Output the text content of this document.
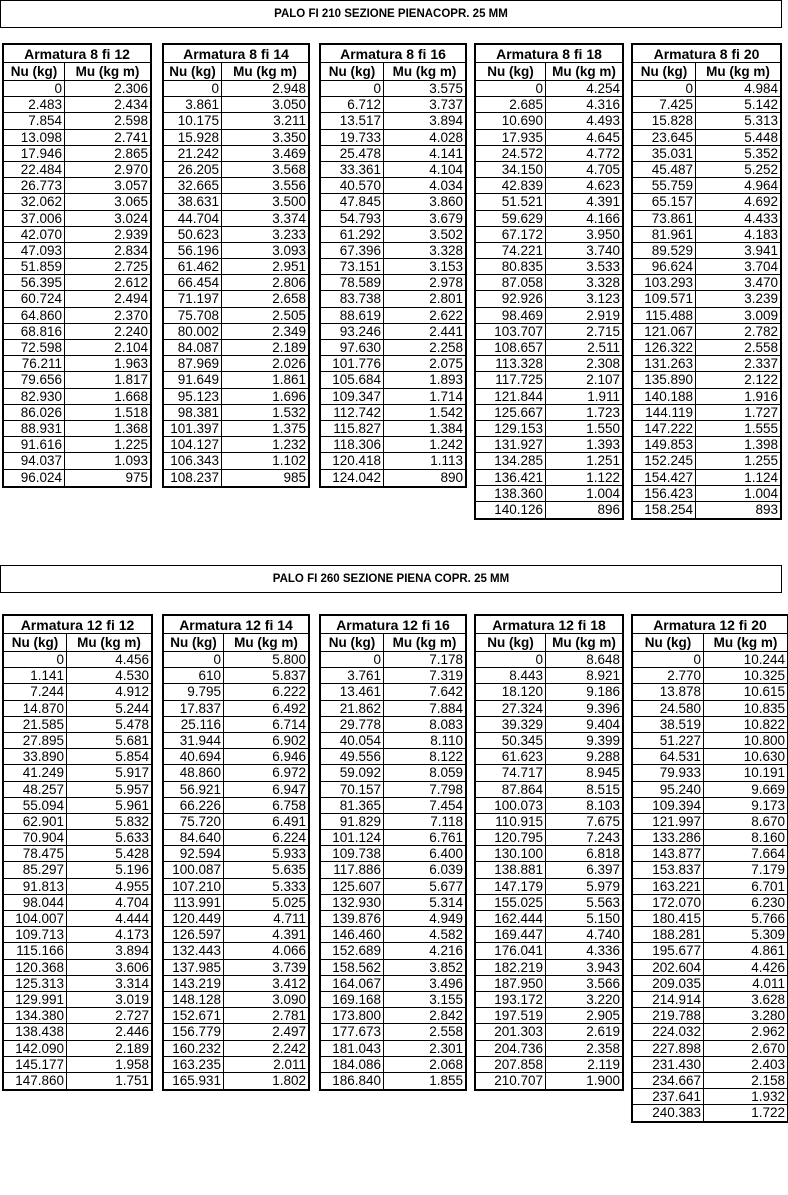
PALO FI 210 SEZIONE PIENACOPR. 25 MM
PALO FI 260 SEZIONE PIENA COPR. 25 MM
Armatura 8 fi 12
Nu (kg)	Mu (kg m)
0	2.306
2.483	2.434
7.854	2.598
13.098	2.741
17.946	2.865
22.484	2.970
26.773	3.057
32.062	3.065
37.006	3.024
42.070	2.939
47.093	2.834
51.859	2.725
56.395	2.612
60.724	2.494
64.860	2.370
68.816	2.240
72.598	2.104
76.211	1.963
79.656	1.817
82.930	1.668
86.026	1.518
88.931	1.368
91.616	1.225
94.037	1.093
96.024	975
Armatura 8 fi 14
Nu (kg)	Mu (kg m)
0	2.948
3.861	3.050
10.175	3.211
15.928	3.350
21.242	3.469
26.205	3.568
32.665	3.556
38.631	3.500
44.704	3.374
50.623	3.233
56.196	3.093
61.462	2.951
66.454	2.806
71.197	2.658
75.708	2.505
80.002	2.349
84.087	2.189
87.969	2.026
91.649	1.861
95.123	1.696
98.381	1.532
101.397	1.375
104.127	1.232
106.343	1.102
108.237	985
Armatura 8 fi 16
Nu (kg)	Mu (kg m)
0	3.575
6.712	3.737
13.517	3.894
19.733	4.028
25.478	4.141
33.361	4.104
40.570	4.034
47.845	3.860
54.793	3.679
61.292	3.502
67.396	3.328
73.151	3.153
78.589	2.978
83.738	2.801
88.619	2.622
93.246	2.441
97.630	2.258
101.776	2.075
105.684	1.893
109.347	1.714
112.742	1.542
115.827	1.384
118.306	1.242
120.418	1.113
124.042	890
Armatura 8 fi 18
Nu (kg)	Mu (kg m)
0	4.254
2.685	4.316
10.690	4.493
17.935	4.645
24.572	4.772
34.150	4.705
42.839	4.623
51.521	4.391
59.629	4.166
67.172	3.950
74.221	3.740
80.835	3.533
87.058	3.328
92.926	3.123
98.469	2.919
103.707	2.715
108.657	2.511
113.328	2.308
117.725	2.107
121.844	1.911
125.667	1.723
129.153	1.550
131.927	1.393
134.285	1.251
136.421	1.122
138.360	1.004
140.126	896
Armatura 8 fi 20
Nu (kg)	Mu (kg m)
0	4.984
7.425	5.142
15.828	5.313
23.645	5.448
35.031	5.352
45.487	5.252
55.759	4.964
65.157	4.692
73.861	4.433
81.961	4.183
89.529	3.941
96.624	3.704
103.293	3.470
109.571	3.239
115.488	3.009
121.067	2.782
126.322	2.558
131.263	2.337
135.890	2.122
140.188	1.916
144.119	1.727
147.222	1.555
149.853	1.398
152.245	1.255
154.427	1.124
156.423	1.004
158.254	893
Armatura 12 fi 12
Nu (kg)	Mu (kg m)
0	4.456
1.141	4.530
7.244	4.912
14.870	5.244
21.585	5.478
27.895	5.681
33.890	5.854
41.249	5.917
48.257	5.957
55.094	5.961
62.901	5.832
70.904	5.633
78.475	5.428
85.297	5.196
91.813	4.955
98.044	4.704
104.007	4.444
109.713	4.173
115.166	3.894
120.368	3.606
125.313	3.314
129.991	3.019
134.380	2.727
138.438	2.446
142.090	2.189
145.177	1.958
147.860	1.751
Armatura 12 fi 14
Nu (kg)	Mu (kg m)
0	5.800
610	5.837
9.795	6.222
17.837	6.492
25.116	6.714
31.944	6.902
40.694	6.946
48.860	6.972
56.921	6.947
66.226	6.758
75.720	6.491
84.640	6.224
92.594	5.933
100.087	5.635
107.210	5.333
113.991	5.025
120.449	4.711
126.597	4.391
132.443	4.066
137.985	3.739
143.219	3.412
148.128	3.090
152.671	2.781
156.779	2.497
160.232	2.242
163.235	2.011
165.931	1.802
Armatura 12 fi 16
Nu (kg)	Mu (kg m)
0	7.178
3.761	7.319
13.461	7.642
21.862	7.884
29.778	8.083
40.054	8.110
49.556	8.122
59.092	8.059
70.157	7.798
81.365	7.454
91.829	7.118
101.124	6.761
109.738	6.400
117.886	6.039
125.607	5.677
132.930	5.314
139.876	4.949
146.460	4.582
152.689	4.216
158.562	3.852
164.067	3.496
169.168	3.155
173.800	2.842
177.673	2.558
181.043	2.301
184.086	2.068
186.840	1.855
Armatura 12 fi 18
Nu (kg)	Mu (kg m)
0	8.648
8.443	8.921
18.120	9.186
27.324	9.396
39.329	9.404
50.345	9.399
61.623	9.288
74.717	8.945
87.864	8.515
100.073	8.103
110.915	7.675
120.795	7.243
130.100	6.818
138.881	6.397
147.179	5.979
155.025	5.563
162.444	5.150
169.447	4.740
176.041	4.336
182.219	3.943
187.950	3.566
193.172	3.220
197.519	2.905
201.303	2.619
204.736	2.358
207.858	2.119
210.707	1.900
Armatura 12 fi 20
Nu (kg)	Mu (kg m)
0	10.244
2.770	10.325
13.878	10.615
24.580	10.835
38.519	10.822
51.227	10.800
64.531	10.630
79.933	10.191
95.240	9.669
109.394	9.173
121.997	8.670
133.286	8.160
143.877	7.664
153.837	7.179
163.221	6.701
172.070	6.230
180.415	5.766
188.281	5.309
195.677	4.861
202.604	4.426
209.035	4.011
214.914	3.628
219.788	3.280
224.032	2.962
227.898	2.670
231.430	2.403
234.667	2.158
237.641	1.932
240.383	1.722
